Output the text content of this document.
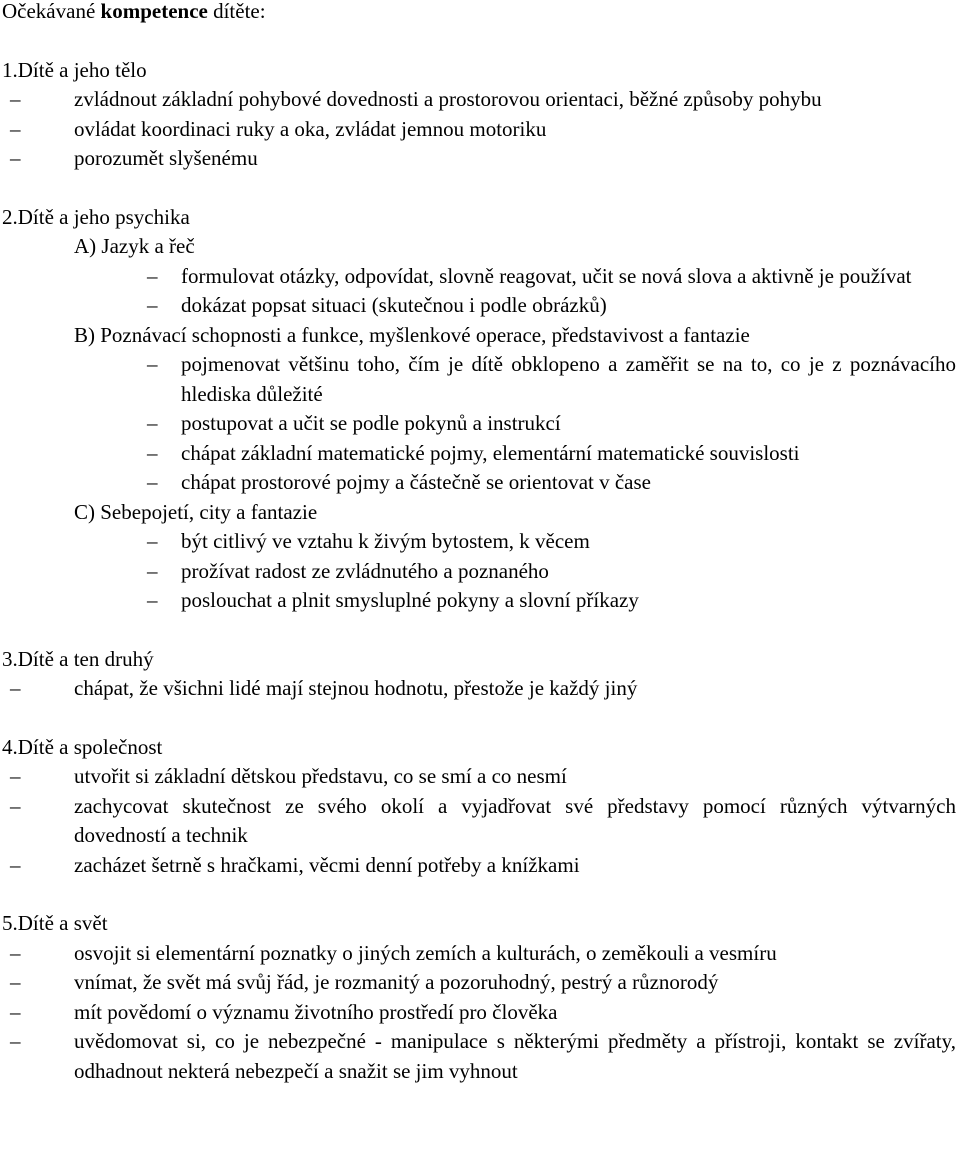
Očekávané kompetence dítěte:
1.Dítě a jeho tělo
–	zvládnout základní pohybové dovednosti a prostorovou orientaci, běžné způsoby pohybu
–	ovládat koordinaci ruky a oka, zvládat jemnou motoriku
–	porozumět slyšenému
2.Dítě a jeho psychika
A) Jazyk a řeč
– formulovat otázky, odpovídat, slovně reagovat, učit se nová slova a aktivně je používat
– dokázat popsat situaci (skutečnou i podle obrázků)
B) Poznávací schopnosti a funkce, myšlenkové operace, představivost a fantazie
– pojmenovat většinu toho, čím je dítě obklopeno a zaměřit se na to, co je z poznávacího hlediska důležité
– postupovat a učit se podle pokynů a instrukcí
– chápat základní matematické pojmy, elementární matematické souvislosti
– chápat prostorové pojmy a částečně se orientovat v čase
C) Sebepojetí, city a fantazie
– být citlivý ve vztahu k živým bytostem, k věcem
– prožívat radost ze zvládnutého a poznaného
– poslouchat a plnit smysluplné pokyny a slovní příkazy
3.Dítě a ten druhý
–	chápat, že všichni lidé mají stejnou hodnotu, přestože je každý jiný
4.Dítě a společnost
–	utvořit si základní dětskou představu, co se smí a co nesmí
–	zachycovat skutečnost ze svého okolí a vyjadřovat své představy pomocí různých výtvarných dovedností a technik
–	zacházet šetrně s hračkami, věcmi denní potřeby a knížkami
5.Dítě a svět
–	osvojit si elementární poznatky o jiných zemích a kulturách, o zeměkouli a vesmíru
–	vnímat, že svět má svůj řád, je rozmanitý a pozoruhodný, pestrý a různorodý
–	mít povědomí o významu životního prostředí pro člověka
–	uvědomovat si, co je nebezpečné - manipulace s některými předměty a přístroji, kontakt se zvířaty, odhadnout nekterá nebezpečí a snažit se jim vyhnout
